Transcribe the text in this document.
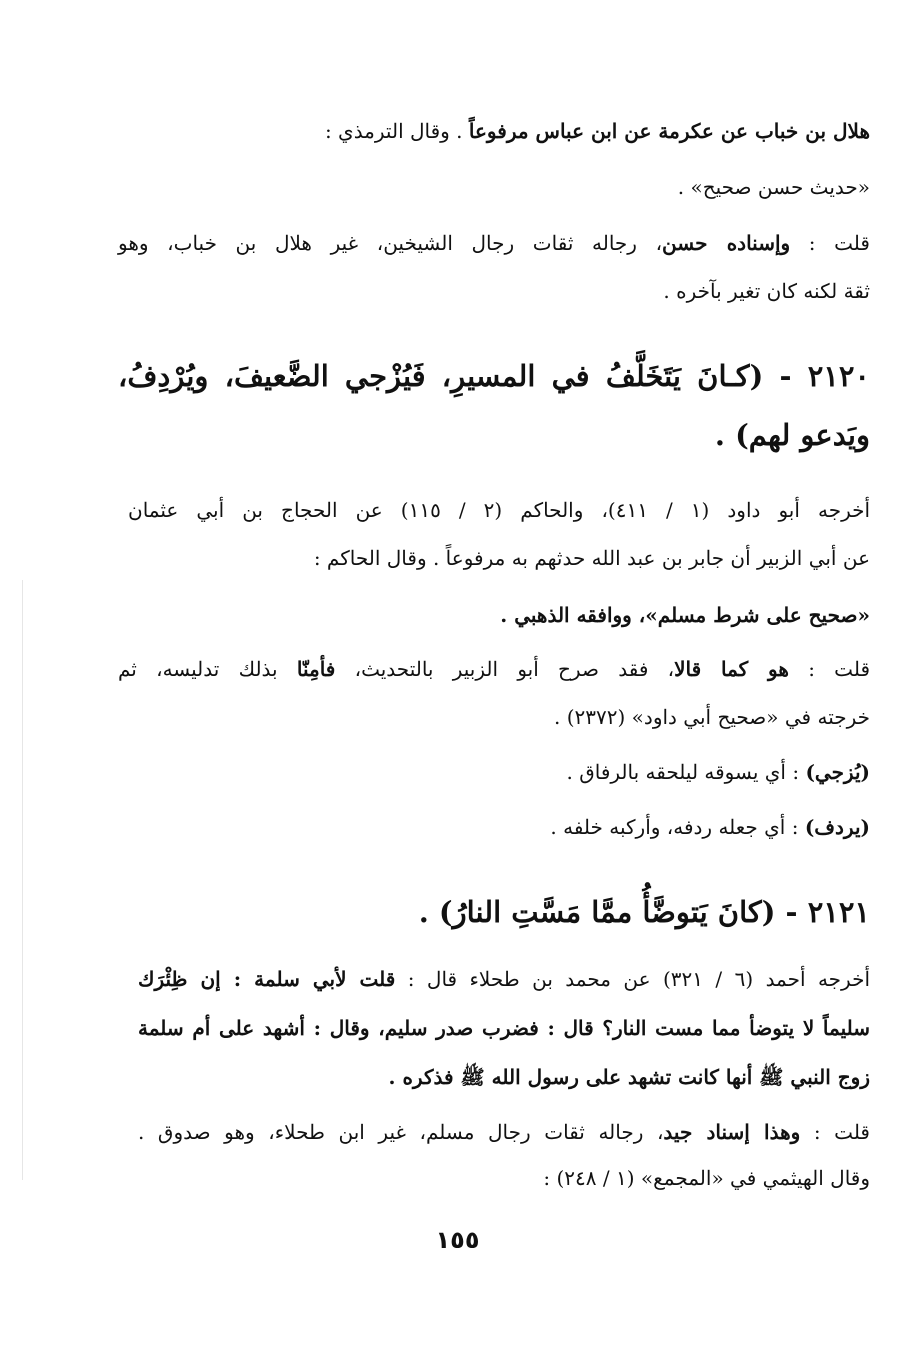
هلال بن خباب عن عكرمة عن ابن عباس مرفوعاً . وقال الترمذي :
«حديث حسن صحيح» .
قلت : وإسناده حسن، رجاله ثقات رجال الشيخين، غير هلال بن خباب، وهو
ثقة لكنه كان تغير بآخره .
٢١٢٠ - (كـانَ يَتَخَلَّفُ في المسيرِ، فَيُزْجي الضَّعيفَ، ويُرْدِفُ،
ويَدعو لهم) .
أخرجه أبو داود (١ / ٤١١)، والحاكم (٢ / ١١٥) عن الحجاج بن أبي عثمان
عن أبي الزبير أن جابر بن عبد الله حدثهم به مرفوعاً . وقال الحاكم :
«صحيح على شرط مسلم»، ووافقه الذهبي .
قلت : هو كما قالا، فقد صرح أبو الزبير بالتحديث، فأمِنّا بذلك تدليسه، ثم
خرجته في «صحيح أبي داود» (٢٣٧٢) .
(يُزجي) : أي يسوقه ليلحقه بالرفاق .
(يردف) : أي جعله ردفه، وأركبه خلفه .
٢١٢١ - (كانَ يَتوضَّأُ ممَّا مَسَّتِ النارُ) .
أخرجه أحمد (٦ / ٣٢١) عن محمد بن طحلاء قال : قلت لأبي سلمة : إن ظِئْرَك
سليماً لا يتوضأ مما مست النار؟ قال : فضرب صدر سليم، وقال : أشهد على أم سلمة
زوج النبي ﷺ أنها كانت تشهد على رسول الله ﷺ فذكره .
قلت : وهذا إسناد جيد، رجاله ثقات رجال مسلم، غير ابن طحلاء، وهو صدوق .
وقال الهيثمي في «المجمع» (١ / ٢٤٨) :
١٥٥
